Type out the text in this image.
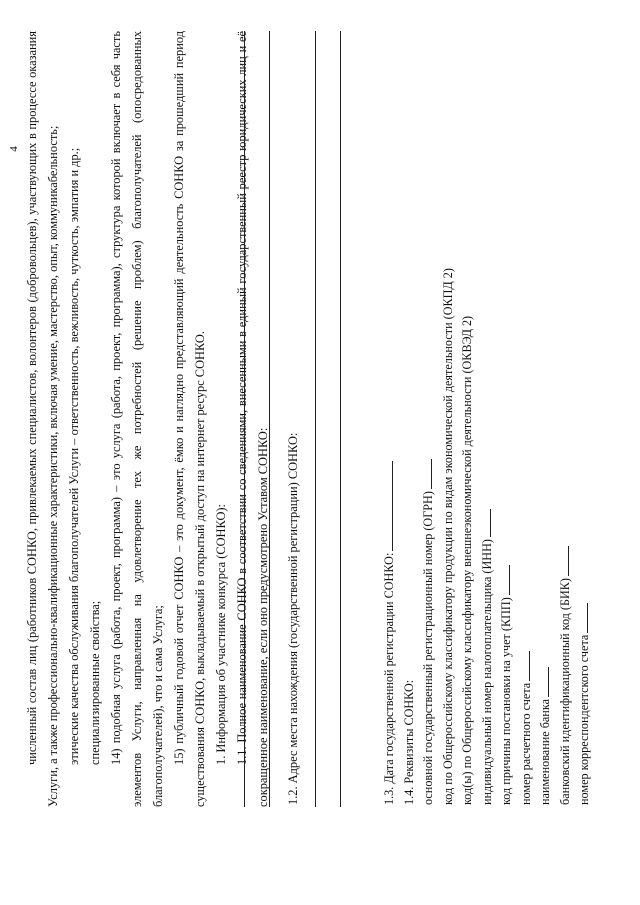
4 численный состав лиц (работников СОНКО, привлекаемых специалистов, волонтеров (добровольцев), участвующих в процессе оказания Услуги, а также профессионально-квалификационные характеристики, включая умение, мастерство, опыт, коммуникабельность; этические качества обслуживания благополучателей Услуги – ответственность, вежливость, чуткость, эмпатия и др.; специализированные свойства; 14) подобная услуга (работа, проект, программа) – это услуга (работа, проект, программа), структура которой включает в себя часть элементов Услуги, направленная на удовлетворение тех же потребностей (решение проблем) благополучателей (опосредованных благополучателей), что и сама Услуга; 15) публичный годовой отчет СОНКО – это документ, ёмко и наглядно представляющий деятельность СОНКО за прошедший период существования СОНКО, выкладываемый в открытый доступ на интернет ресурс СОНКО. 1. Информация об участнике конкурса (СОНКО): 1.1. Полное наименование СОНКО в соответствии со сведениями, внесенными в единый государственный реестр юридических лиц и её сокращенное наименование, если оно предусмотрено Уставом СОНКО:	1.2. Адрес места нахождения (государственной регистрации) СОНКО:	1.3. Дата государственной регистрации СОНКО: 1.4. Реквизиты СОНКО: основной государственный регистрационный номер (ОГРН) код по Общероссийскому классификатору продукции по видам экономической деятельности (ОКПД 2) код(ы) по Общероссийскому классификатору внешнеэкономической деятельности (ОКВЭД 2) индивидуальный номер налогоплательщика (ИНН) код причины постановки на учет (КПП) номер расчетного счета наименование банка банковский идентификационный код (БИК) номер корреспондентского счета
